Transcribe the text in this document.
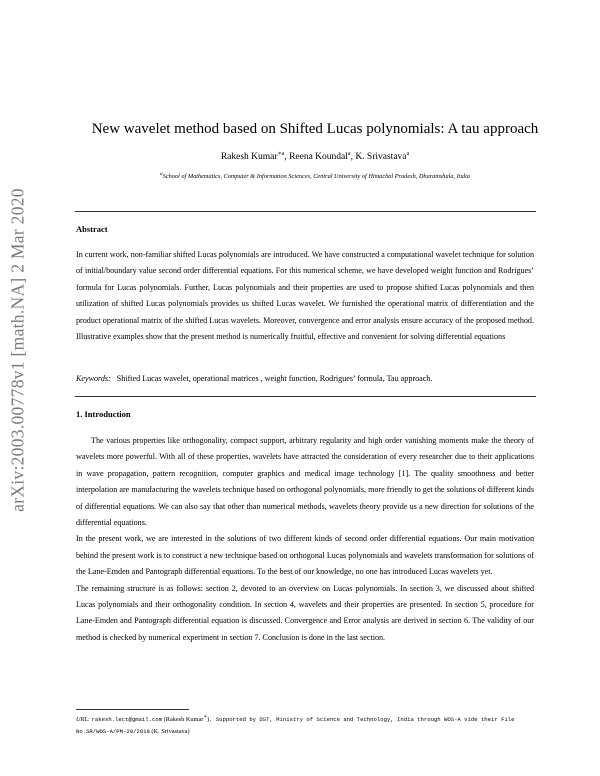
arXiv:2003.00778v1 [math.NA] 2 Mar 2020
New wavelet method based on Shifted Lucas polynomials: A tau approach
Rakesh Kumar$^{∗a}$, Reena Koundal$^a$, K. Srivastava$^a$
$^a$School of Mathematics, Computer & Information Sciences, Central University of Himachal Pradesh, Dharamshala, India
Abstract
In current work, non-familiar shifted Lucas polynomials are introduced. We have constructed a computational wavelet technique for solution of initial/boundary value second order differential equations. For this numerical scheme, we have developed weight function and Rodrigues’ formula for Lucas polynomials. Further, Lucas polynomials and their properties are used to propose shifted Lucas polynomials and then utilization of shifted Lucas polynomials provides us shifted Lucas wavelet. We furnished the operational matrix of differentiation and the product operational matrix of the shifted Lucas wavelets. Moreover, convergence and error analysis ensure accuracy of the proposed method. Illustrative examples show that the present method is numerically fruitful, effective and convenient for solving differential equations
Keywords: Shifted Lucas wavelet, operational matrices , weight function, Rodrigues’ formula, Tau approach.
1. Introduction

The various properties like orthogonality, compact support, arbitrary regularity and high order vanishing moments make the theory of wavelets more powerful. With all of these properties, wavelets have attracted the consideration of every researcher due to their applications in wave propagation, pattern recognition, computer graphics and medical image technology [1]. The quality smoothness and better interpolation are manufacturing the wavelets technique based on orthogonal polynomials, more friendly to get the solutions of different kinds of differential equations. We can also say that other than numerical methods, wavelets theory provide us a new direction for solutions of the differential equations.

In the present work, we are interested in the solutions of two different kinds of second order differential equations. Our main motivation behind the present work is to construct a new technique based on orthogonal Lucas polynomials and wavelets transformation for solutions of the Lane-Emden and Pantograph differential equations. To the best of our knowledge, no one has introduced Lucas wavelets yet.

The remaining structure is as follows: section 2, devoted to an overview on Lucas polynomials. In section 3, we discussed about shifted Lucas polynomials and their orthogonality condition. In section 4, wavelets and their properties are presented. In section 5, procedure for Lane-Emden and Pantograph differential equation is discussed. Convergence and Error analysis are derived in section 6. The validity of our method is checked by numerical experiment in section 7. Conclusion is done in the last section.

URL: rakesh.lect@gmail.com (Rakesh Kumar∗). Supported by DST, Ministry of Science and Technology, India through WOS-A vide their File No.SR/WOS-A/PM-20/2018 (K. Srivastava)
